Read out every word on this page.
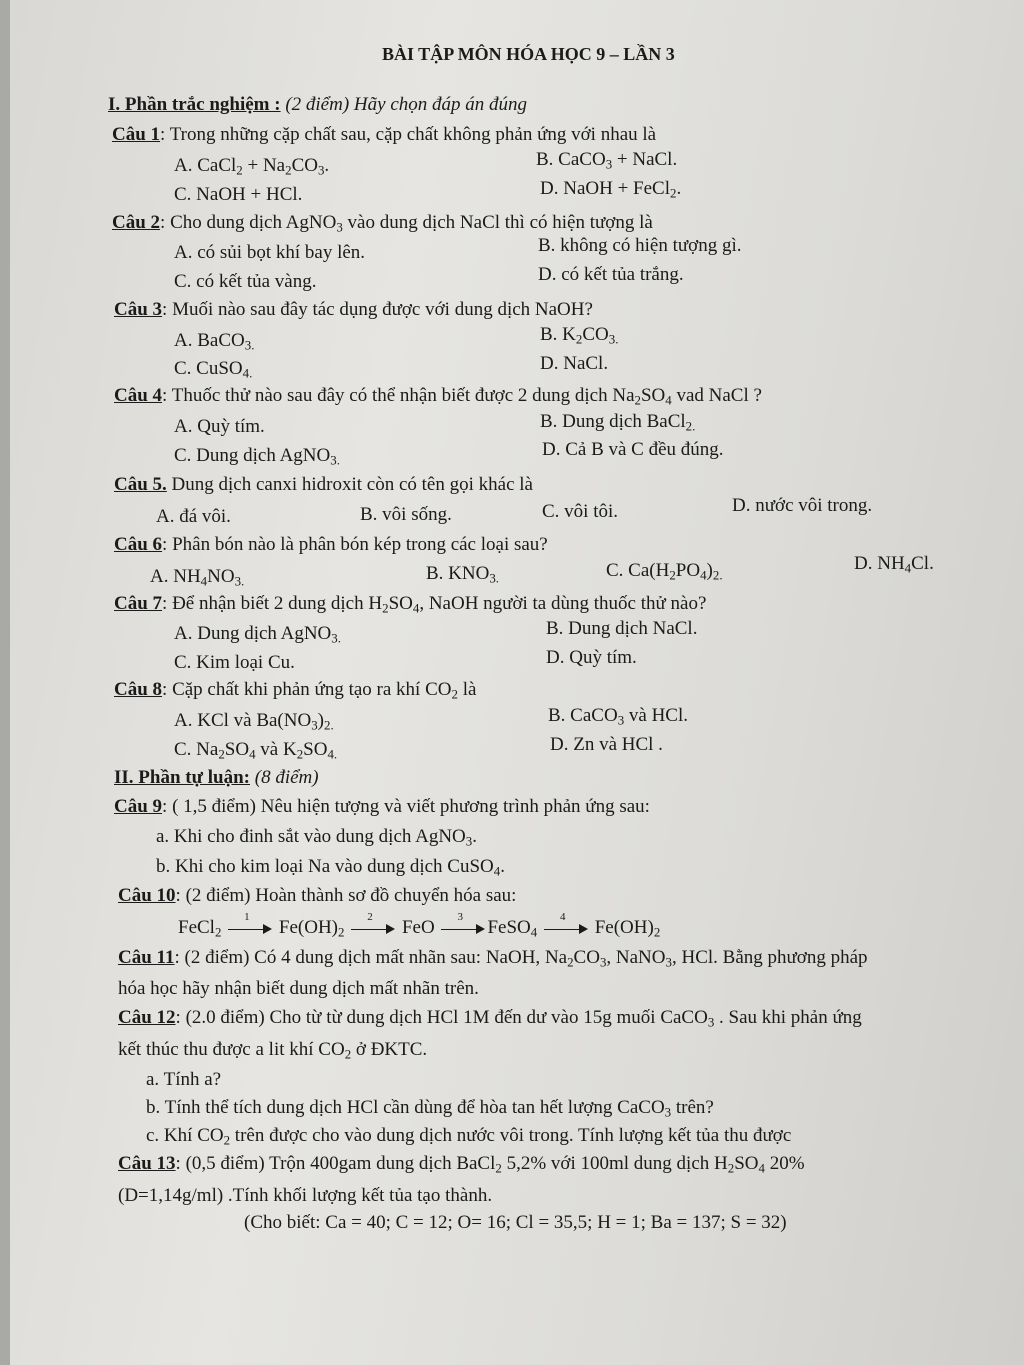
BÀI TẬP MÔN HÓA HỌC 9 – LẦN 3
I. Phần trắc nghiệm : (2 điểm) Hãy chọn đáp án đúng
Câu 1: Trong những cặp chất sau, cặp chất không phản ứng với nhau là
A. CaCl$_2$ + $Na_2CO_3$.	B. CaCO$_3$ + NaCl.
C. NaOH + HCl.	D. NaOH + FeCl$_2$.
Câu 2: Cho dung dịch AgNO$_3$ vào dung dịch NaCl thì có hiện tượng là
A. có sủi bọt khí bay lên.	B. không có hiện tượng gì.
C. có kết tủa vàng.	D. có kết tủa trắng.
Câu 3: Muối nào sau đây tác dụng được với dung dịch NaOH?
A. BaCO$_{3.}$
B. $K_2CO_{3.}$
C. CuSO$_{4.}$	D. NaCl.
Câu 4: Thuốc thử nào sau đây có thể nhận biết được 2 dung dịch $Na_2SO_4$ vad NaCl ?
A. Quỳ tím.	B. Dung dịch BaCl$_{2.}$
C. Dung dịch AgNO$_{3.}$
D. Cả B và C đều đúng.
Câu 5. Dung dịch canxi hidroxit còn có tên gọi khác là
A. đá vôi.	B. vôi sống.	C. vôi tôi.	D. nước vôi trong.
Câu 6: Phân bón nào là phân bón kép trong các loại sau?
A. $NH_4NO_{3.}$	B. $KNO_{3.}$	C. $Ca(H_2PO_4)_{2.}$
D. $NH_4Cl$.
Câu 7: Để nhận biết 2 dung dịch $H_2SO_4$, NaOH người ta dùng thuốc thử nào?
A. Dung dịch AgNO$_{3.}$	B. Dung dịch NaCl.
C. Kim loại Cu.	D. Quỳ tím.
Câu 8: Cặp chất khi phản ứng tạo ra khí $CO_2$ là
A. KCl và $Ba(NO_3)_{2.}$	B. CaCO$_3$ và HCl.
C. $Na_2SO_4$ và $K_2SO_{4.}$	D. Zn và HCl .
II. Phần tự luận: (8 điểm)
Câu 9: ( 1,5 điểm) Nêu hiện tượng và viết phương trình phản ứng sau:
a. Khi cho đinh sắt vào dung dịch AgNO$_3$.
b. Khi cho kim loại Na vào dung dịch CuSO$_4$.
Câu 10: (2 điểm) Hoàn thành sơ đồ chuyển hóa sau:
FeCl$_2$
1
$Fe(OH)_2$
2
FeO
3
FeSO$_4$
4
$Fe(OH)_2$
Câu 11: (2 điểm) Có 4 dung dịch mất nhãn sau: NaOH, $Na_2CO_3$, NaNO$_3$, HCl. Bằng phương pháp
hóa học hãy nhận biết dung dịch mất nhãn trên.
Câu 12: (2.0 điểm) Cho từ từ dung dịch HCl 1M đến dư vào 15g muối CaCO$_3$ . Sau khi phản ứng
kết thúc thu được a lit khí $CO_2$ ở ĐKTC.
a. Tính a?
b. Tính thể tích dung dịch HCl cần dùng để hòa tan hết lượng CaCO$_3$ trên?
c. Khí $CO_2$ trên được cho vào dung dịch nước vôi trong. Tính lượng kết tủa thu được
Câu 13: (0,5 điểm) Trộn 400gam dung dịch BaCl$_2$ 5,2% với 100ml dung dịch $H_2SO_4$ 20%
(D=1,14g/ml) .Tính khối lượng kết tủa tạo thành.
(Cho biết: Ca = 40; C = 12; O= 16; Cl = 35,5; H = 1; Ba = 137; S = 32)
